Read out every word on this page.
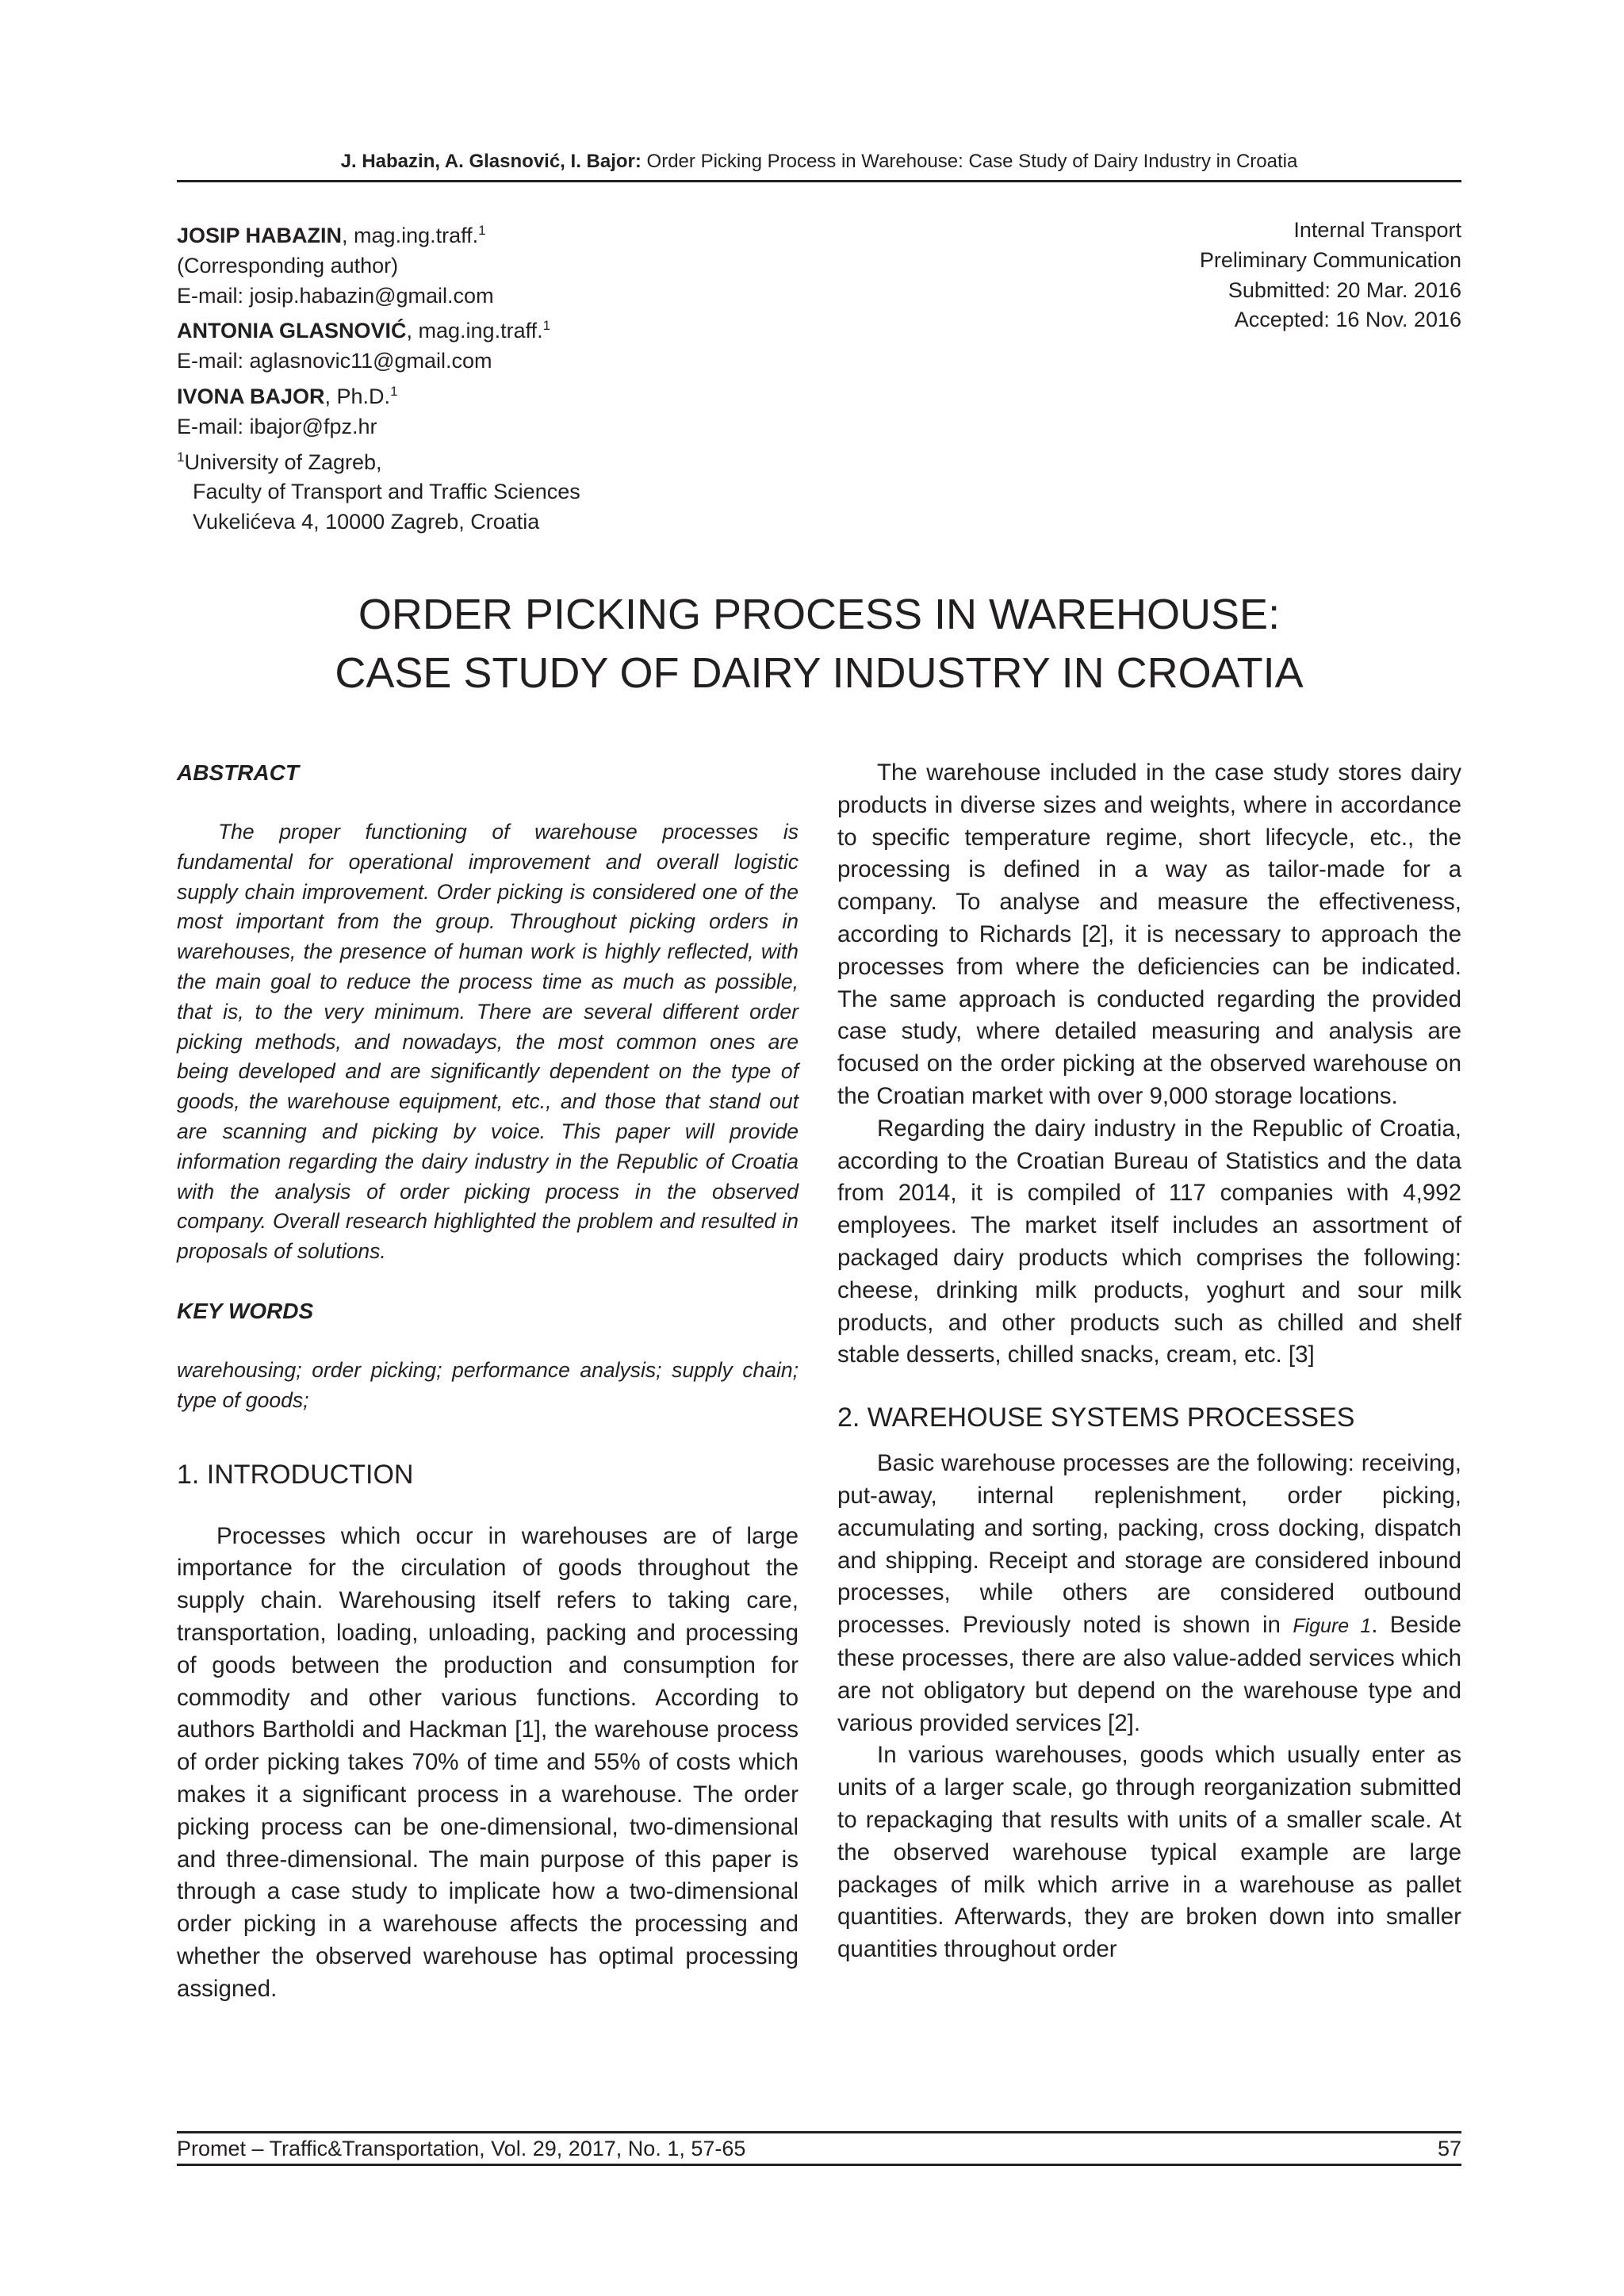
J. Habazin, A. Glasnović, I. Bajor: Order Picking Process in Warehouse: Case Study of Dairy Industry in Croatia
JOSIP HABAZIN, mag.ing.traff.$^1$
(Corresponding author)
E-mail: josip.habazin@gmail.com
ANTONIA GLASNOVIĆ, mag.ing.traff.$^1$
E-mail: aglasnovic11@gmail.com
IVONA BAJOR, Ph.D.$^1$
E-mail: ibajor@fpz.hr
$^1$University of Zagreb,
Faculty of Transport and Traffic Sciences
Vukelićeva 4, 10000 Zagreb, Croatia
Internal Transport
Preliminary Communication
Submitted: 20 Mar. 2016
Accepted: 16 Nov. 2016
ORDER PICKING PROCESS IN WAREHOUSE:
CASE STUDY OF DAIRY INDUSTRY IN CROATIA

ABSTRACT

The proper functioning of warehouse processes is fundamental for operational improvement and overall logistic supply chain improvement. Order picking is considered one of the most important from the group. Throughout picking orders in warehouses, the presence of human work is highly reflected, with the main goal to reduce the process time as much as possible, that is, to the very minimum. There are several different order picking methods, and nowadays, the most common ones are being developed and are significantly dependent on the type of goods, the warehouse equipment, etc., and those that stand out are scanning and picking by voice. This paper will provide information regarding the dairy industry in the Republic of Croatia with the analysis of order picking process in the observed company. Overall research highlighted the problem and resulted in proposals of solutions.

KEY WORDS

warehousing; order picking; performance analysis; supply chain; type of goods;

1. INTRODUCTION

Processes which occur in warehouses are of large importance for the circulation of goods throughout the supply chain. Warehousing itself refers to taking care, transportation, loading, unloading, packing and processing of goods between the production and consumption for commodity and other various functions. According to authors Bartholdi and Hackman [1], the warehouse process of order picking takes 70% of time and 55% of costs which makes it a significant process in a warehouse. The order picking process can be one-dimensional, two-dimensional and three-dimensional. The main purpose of this paper is through a case study to implicate how a two-dimensional order picking in a warehouse affects the processing and whether the observed warehouse has optimal processing assigned.

The warehouse included in the case study stores dairy products in diverse sizes and weights, where in accordance to specific temperature regime, short lifecycle, etc., the processing is defined in a way as tailor-made for a company. To analyse and measure the effectiveness, according to Richards [2], it is necessary to approach the processes from where the deficiencies can be indicated. The same approach is conducted regarding the provided case study, where detailed measuring and analysis are focused on the order picking at the observed warehouse on the Croatian market with over 9,000 storage locations.

Regarding the dairy industry in the Republic of Croatia, according to the Croatian Bureau of Statistics and the data from 2014, it is compiled of 117 companies with 4,992 employees. The market itself includes an assortment of packaged dairy products which comprises the following: cheese, drinking milk products, yoghurt and sour milk products, and other products such as chilled and shelf stable desserts, chilled snacks, cream, etc. [3]

2. WAREHOUSE SYSTEMS PROCESSES

Basic warehouse processes are the following: receiving, put-away, internal replenishment, order picking, accumulating and sorting, packing, cross docking, dispatch and shipping. Receipt and storage are considered inbound processes, while others are considered outbound processes. Previously noted is shown in Figure 1. Beside these processes, there are also value-added services which are not obligatory but depend on the warehouse type and various provided services [2].

In various warehouses, goods which usually enter as units of a larger scale, go through reorganization submitted to repackaging that results with units of a smaller scale. At the observed warehouse typical example are large packages of milk which arrive in a warehouse as pallet quantities. Afterwards, they are broken down into smaller quantities throughout order

Promet – Traffic&Transportation, Vol. 29, 2017, No. 1, 57-65	57
